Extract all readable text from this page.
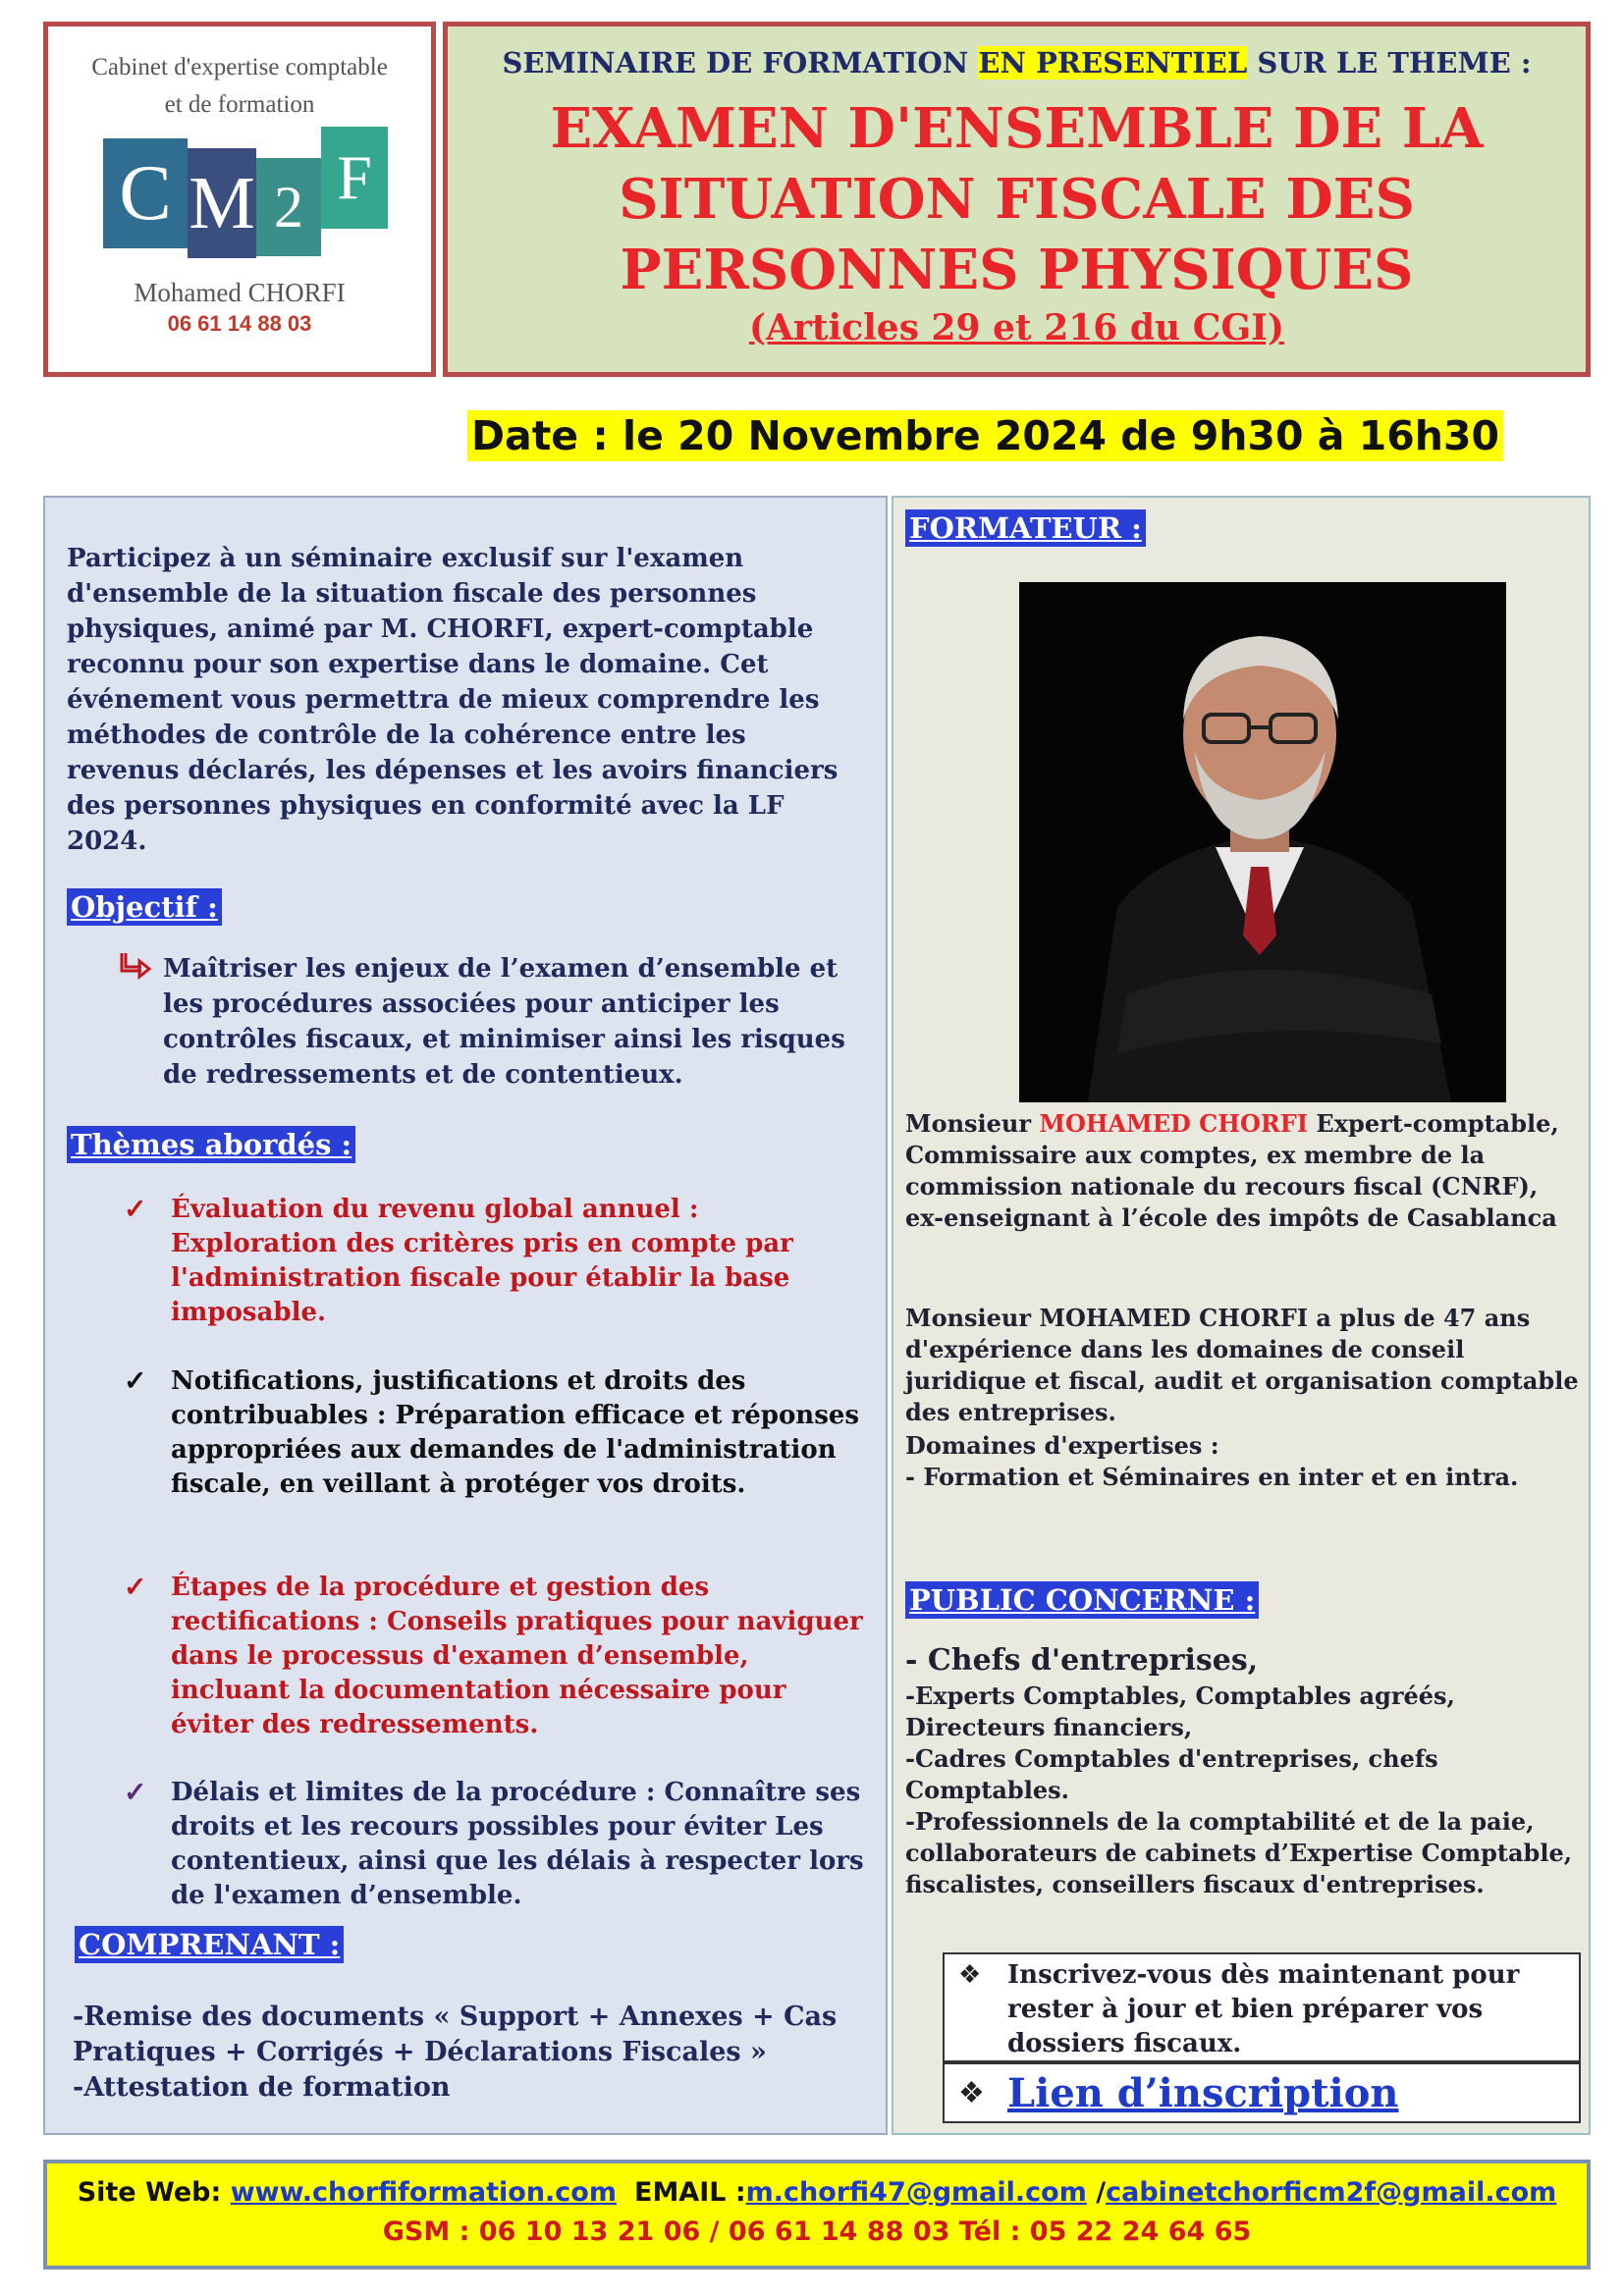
Cabinet d'expertise comptable
et de formation
C M 2 F
Mohamed CHORFI
06 61 14 88 03
SEMINAIRE DE FORMATION EN PRESENTIEL SUR LE THEME :
EXAMEN D'ENSEMBLE DE LA
SITUATION FISCALE DES
PERSONNES PHYSIQUES
(Articles 29 et 216 du CGI)
Date : le 20 Novembre 2024 de 9h30 à 16h30
Participez à un séminaire exclusif sur l'examen d'ensemble de la situation fiscale des personnes physiques, animé par M. CHORFI, expert-comptable reconnu pour son expertise dans le domaine. Cet événement vous permettra de mieux comprendre les méthodes de contrôle de la cohérence entre les revenus déclarés, les dépenses et les avoirs financiers des personnes physiques en conformité avec la LF 2024.
Objectif :
Maîtriser les enjeux de l’examen d’ensemble et les procédures associées pour anticiper les contrôles fiscaux, et minimiser ainsi les risques de redressements et de contentieux.
Thèmes abordés :
✓ Évaluation du revenu global annuel : Exploration des critères pris en compte par l'administration fiscale pour établir la base imposable.
✓ Notifications, justifications et droits des contribuables : Préparation efficace et réponses appropriées aux demandes de l'administration fiscale, en veillant à protéger vos droits.
✓ Étapes de la procédure et gestion des rectifications : Conseils pratiques pour naviguer dans le processus d'examen d’ensemble, incluant la documentation nécessaire pour éviter des redressements.
✓ Délais et limites de la procédure : Connaître ses droits et les recours possibles pour éviter Les contentieux, ainsi que les délais à respecter lors de l'examen d’ensemble.
COMPRENANT :
-Remise des documents « Support + Annexes + Cas Pratiques + Corrigés + Déclarations Fiscales »
-Attestation de formation
FORMATEUR :
Monsieur MOHAMED CHORFI Expert-comptable, Commissaire aux comptes, ex membre de la commission nationale du recours fiscal (CNRF), ex-enseignant à l’école des impôts de Casablanca
Monsieur MOHAMED CHORFI a plus de 47 ans d'expérience dans les domaines de conseil juridique et fiscal, audit et organisation comptable des entreprises.
Domaines d'expertises :
- Formation et Séminaires en inter et en intra.
PUBLIC CONCERNE :
- Chefs d'entreprises,
-Experts Comptables, Comptables agréés, Directeurs financiers,
-Cadres Comptables d'entreprises, chefs Comptables.
-Professionnels de la comptabilité et de la paie, collaborateurs de cabinets d’Expertise Comptable, fiscalistes, conseillers fiscaux d'entreprises.
❖ Inscrivez-vous dès maintenant pour rester à jour et bien préparer vos dossiers fiscaux.
❖ Lien d’inscription
Site Web: www.chorfiformation.com EMAIL :m.chorfi47@gmail.com /cabinetchorficm2f@gmail.com
GSM : 06 10 13 21 06 / 06 61 14 88 03 Tél : 05 22 24 64 65
